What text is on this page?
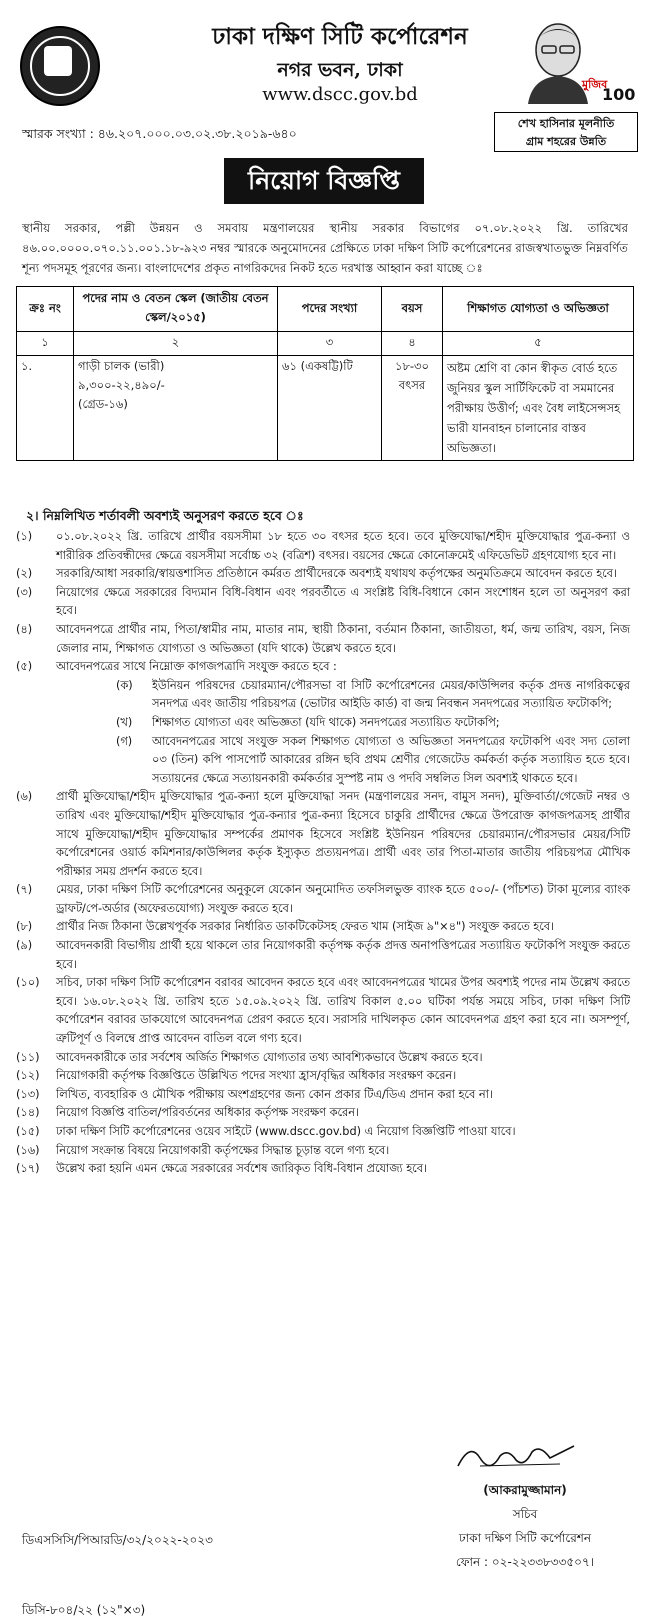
ঢাকা দক্ষিণ সিটি কর্পোরেশন
নগর ভবন, ঢাকা
www.dscc.gov.bd	মুজিব
100
শেখ হাসিনার মূলনীতি
গ্রাম শহরের উন্নতি
স্মারক সংখ্যা : ৪৬.২০৭.০০০.০৩.০২.৩৮.২০১৯-৬৪০
নিয়োগ বিজ্ঞপ্তি
স্থানীয় সরকার, পল্লী উন্নয়ন ও সমবায় মন্ত্রণালয়ের স্থানীয় সরকার বিভাগের ০৭.০৮.২০২২ খ্রি. তারিখের ৪৬.০০.০০০০.০৭০.১১.০০১.১৮-৯২৩ নম্বর স্মারকে অনুমোদনের প্রেক্ষিতে ঢাকা দক্ষিণ সিটি কর্পোরেশনের রাজস্বখাতভুক্ত নিম্নবর্ণিত শূন্য পদসমূহ পূরণের জন্য। বাংলাদেশের প্রকৃত নাগরিকদের নিকট হতে দরখাস্ত আহ্বান করা যাচ্ছে ঃ
ক্রঃ নং	পদের নাম ও বেতন স্কেল (জাতীয় বেতন স্কেল/২০১৫)	পদের সংখ্যা	বয়স	শিক্ষাগত যোগ্যতা ও অভিজ্ঞতা
১	২	৩	৪	৫
১.	গাড়ী চালক (ভারী)
৯,৩০০-২২,৪৯০/-
(গ্রেড-১৬)	৬১ (একষট্টি)টি	১৮-৩০ বৎসর	অষ্টম শ্রেণি বা কোন স্বীকৃত বোর্ড হতে জুনিয়র স্কুল সার্টিফিকেট বা সমমানের পরীক্ষায় উত্তীর্ণ; এবং বৈধ লাইসেন্সসহ ভারী যানবাহন চালানোর বাস্তব অভিজ্ঞতা।
২। নিম্নলিখিত শর্তাবলী অবশ্যই অনুসরণ করতে হবে ঃ
(১)	০১.০৮.২০২২ খ্রি. তারিখে প্রার্থীর বয়সসীমা ১৮ হতে ৩০ বৎসর হতে হবে। তবে মুক্তিযোদ্ধা/শহীদ মুক্তিযোদ্ধার পুত্র-কন্যা ও শারীরিক প্রতিবন্ধীদের ক্ষেত্রে বয়সসীমা সর্বোচ্চ ৩২ (বত্রিশ) বৎসর। বয়সের ক্ষেত্রে কোনোক্রমেই এফিডেভিট গ্রহণযোগ্য হবে না।
(২)	সরকারি/আধা সরকারি/স্বায়ত্তশাসিত প্রতিষ্ঠানে কর্মরত প্রার্থীদেরকে অবশ্যই যথাযথ কর্তৃপক্ষের অনুমতিক্রমে আবেদন করতে হবে।
(৩)	নিয়োগের ক্ষেত্রে সরকারের বিদ্যমান বিধি-বিধান এবং পরবর্তীতে এ সংশ্লিষ্ট বিধি-বিধানে কোন সংশোধন হলে তা অনুসরণ করা হবে।
(৪)	আবেদনপত্রে প্রার্থীর নাম, পিতা/স্বামীর নাম, মাতার নাম, স্থায়ী ঠিকানা, বর্তমান ঠিকানা, জাতীয়তা, ধর্ম, জন্ম তারিখ, বয়স, নিজ জেলার নাম, শিক্ষাগত যোগ্যতা ও অভিজ্ঞতা (যদি থাকে) উল্লেখ করতে হবে।
(৫)	আবেদনপত্রের সাথে নিম্নোক্ত কাগজপত্রাদি সংযুক্ত করতে হবে :
(ক)	ইউনিয়ন পরিষদের চেয়ারম্যান/পৌরসভা বা সিটি কর্পোরেশনের মেয়র/কাউন্সিলর কর্তৃক প্রদত্ত নাগরিকত্বের সনদপত্র এবং জাতীয় পরিচয়পত্র (ভোটার আইডি কার্ড) বা জন্ম নিবন্ধন সনদপত্রের সত্যায়িত ফটোকপি;
(খ)	শিক্ষাগত যোগ্যতা এবং অভিজ্ঞতা (যদি থাকে) সনদপত্রের সত্যায়িত ফটোকপি;
(গ)	আবেদনপত্রের সাথে সংযুক্ত সকল শিক্ষাগত যোগ্যতা ও অভিজ্ঞতা সনদপত্রের ফটোকপি এবং সদ্য তোলা ০৩ (তিন) কপি পাসপোর্ট আকারের রঙ্গিন ছবি প্রথম শ্রেণীর গেজেটেড কর্মকর্তা কর্তৃক সত্যায়িত হতে হবে। সত্যায়নের ক্ষেত্রে সত্যায়নকারী কর্মকর্তার সুস্পষ্ট নাম ও পদবি সম্বলিত সিল অবশ্যই থাকতে হবে।
(৬)	প্রার্থী মুক্তিযোদ্ধা/শহীদ মুক্তিযোদ্ধার পুত্র-কন্যা হলে মুক্তিযোদ্ধা সনদ (মন্ত্রণালয়ের সনদ, বামুস সনদ), মুক্তিবার্তা/গেজেট নম্বর ও তারিখ এবং মুক্তিযোদ্ধা/শহীদ মুক্তিযোদ্ধার পুত্র-কন্যার পুত্র-কন্যা হিসেবে চাকুরি প্রার্থীদের ক্ষেত্রে উপরোক্ত কাগজপত্রসহ প্রার্থীর সাথে মুক্তিযোদ্ধা/শহীদ মুক্তিযোদ্ধার সম্পর্কের প্রমাণক হিসেবে সংশ্লিষ্ট ইউনিয়ন পরিষদের চেয়ারম্যান/পৌরসভার মেয়র/সিটি কর্পোরেশনের ওয়ার্ড কমিশনার/কাউন্সিলর কর্তৃক ইস্যুকৃত প্রত্যয়নপত্র। প্রার্থী এবং তার পিতা-মাতার জাতীয় পরিচয়পত্র মৌখিক পরীক্ষার সময় প্রদর্শন করতে হবে।
(৭)	মেয়র, ঢাকা দক্ষিণ সিটি কর্পোরেশনের অনুকূলে যেকোন অনুমোদিত তফসিলভুক্ত ব্যাংক হতে ৫০০/- (পাঁচশত) টাকা মূল্যের ব্যাংক ড্রাফট/পে-অর্ডার (অফেরতযোগ্য) সংযুক্ত করতে হবে।
(৮)	প্রার্থীর নিজ ঠিকানা উল্লেখপূর্বক সরকার নির্ধারিত ডাকটিকেটসহ ফেরত খাম (সাইজ ৯"×৪") সংযুক্ত করতে হবে।
(৯)	আবেদনকারী বিভাগীয় প্রার্থী হয়ে থাকলে তার নিয়োগকারী কর্তৃপক্ষ কর্তৃক প্রদত্ত অনাপত্তিপত্রের সত্যায়িত ফটোকপি সংযুক্ত করতে হবে।
(১০)	সচিব, ঢাকা দক্ষিণ সিটি কর্পোরেশন বরাবর আবেদন করতে হবে এবং আবেদনপত্রের খামের উপর অবশ্যই পদের নাম উল্লেখ করতে হবে। ১৬.০৮.২০২২ খ্রি. তারিখ হতে ১৫.০৯.২০২২ খ্রি. তারিখ বিকাল ৫.০০ ঘটিকা পর্যন্ত সময়ে সচিব, ঢাকা দক্ষিণ সিটি কর্পোরেশন বরাবর ডাকযোগে আবেদনপত্র প্রেরণ করতে হবে। সরাসরি দাখিলকৃত কোন আবেদনপত্র গ্রহণ করা হবে না। অসম্পূর্ণ, ত্রুটিপূর্ণ ও বিলম্বে প্রাপ্ত আবেদন বাতিল বলে গণ্য হবে।
(১১)	আবেদনকারীকে তার সর্বশেষ অর্জিত শিক্ষাগত যোগ্যতার তথ্য আবশ্যিকভাবে উল্লেখ করতে হবে।
(১২)	নিয়োগকারী কর্তৃপক্ষ বিজ্ঞপ্তিতে উল্লিখিত পদের সংখ্যা হ্রাস/বৃদ্ধির অধিকার সংরক্ষণ করেন।
(১৩)	লিখিত, ব্যবহারিক ও মৌখিক পরীক্ষায় অংশগ্রহণের জন্য কোন প্রকার টিএ/ডিএ প্রদান করা হবে না।
(১৪)	নিয়োগ বিজ্ঞপ্তি বাতিল/পরিবর্তনের অধিকার কর্তৃপক্ষ সংরক্ষণ করেন।
(১৫)	ঢাকা দক্ষিণ সিটি কর্পোরেশনের ওয়েব সাইটে (www.dscc.gov.bd) এ নিয়োগ বিজ্ঞপ্তিটি পাওয়া যাবে।
(১৬)	নিয়োগ সংক্রান্ত বিষয়ে নিয়োগকারী কর্তৃপক্ষের সিদ্ধান্ত চূড়ান্ত বলে গণ্য হবে।
(১৭)	উল্লেখ করা হয়নি এমন ক্ষেত্রে সরকারের সর্বশেষ জারিকৃত বিধি-বিধান প্রযোজ্য হবে।
(আকরামুজ্জামান)
সচিব
ঢাকা দক্ষিণ সিটি কর্পোরেশন
ফোন : ০২-২২৩৩৮৩৩৫০৭।
ডিএসসিসি/পিআরডি/৩২/২০২২-২০২৩
ডিসি-৮০৪/২২ (১২"×৩)
